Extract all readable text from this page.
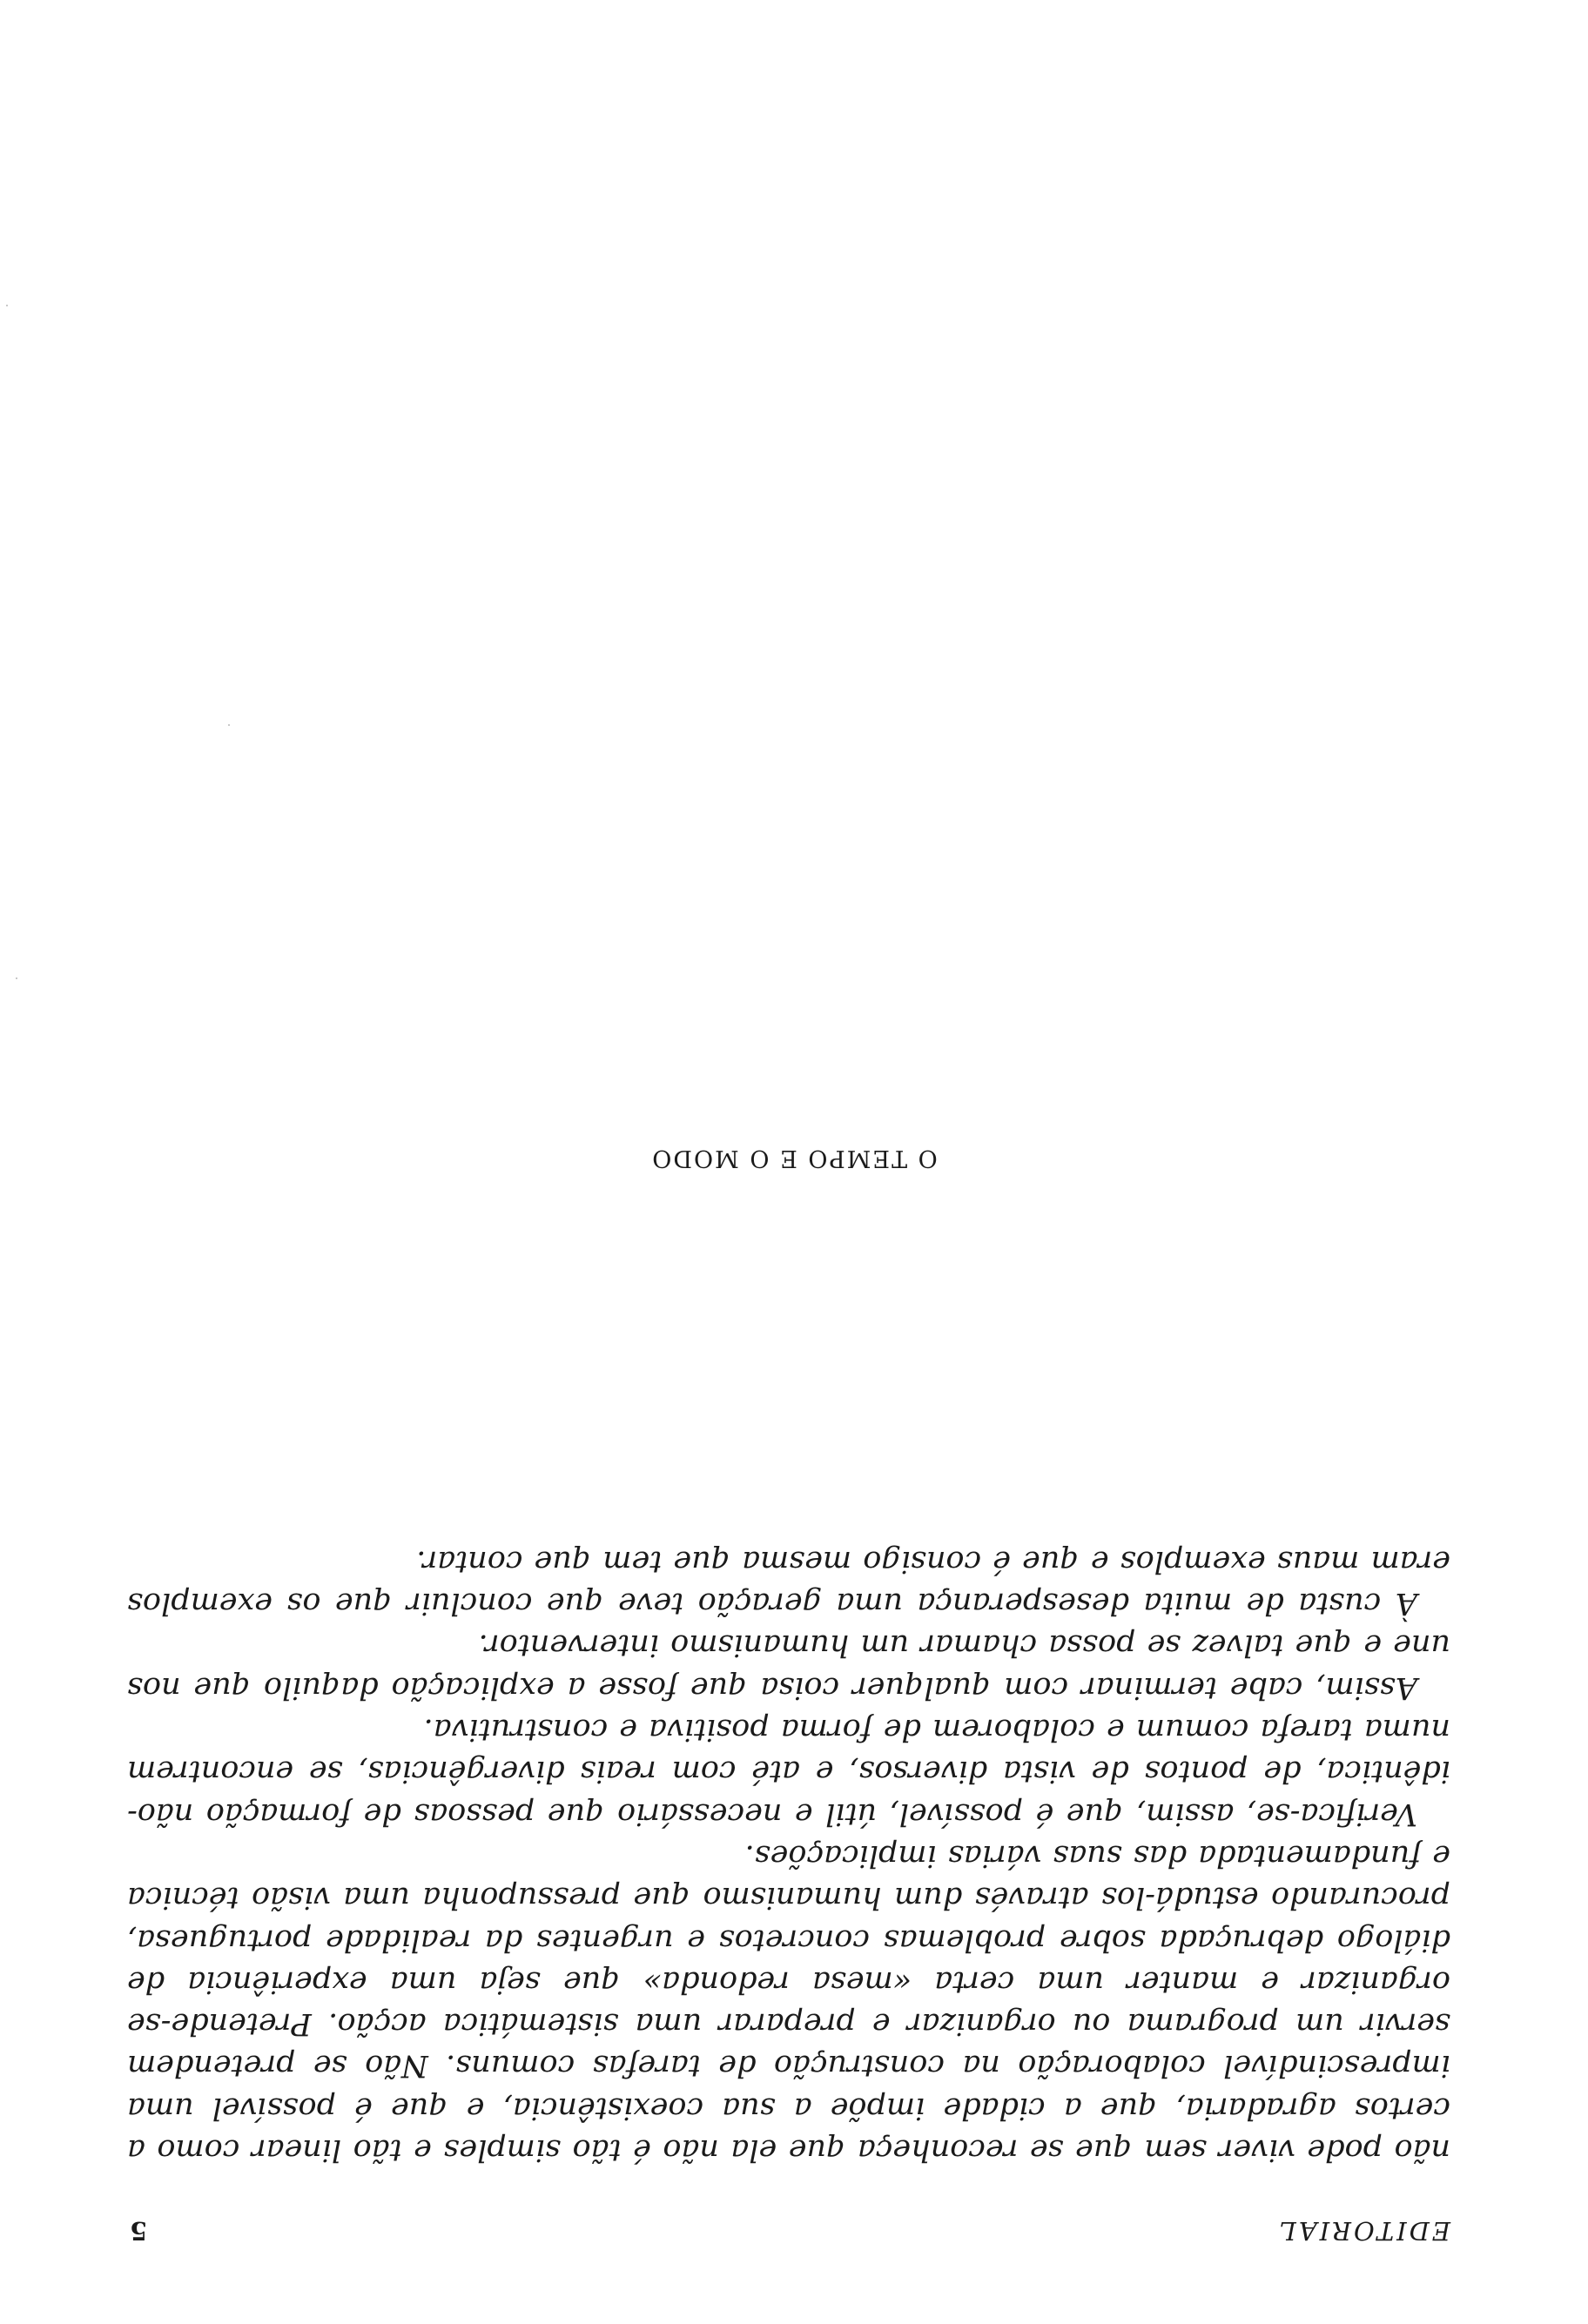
EDITORIAL
5

não pode viver sem que se reconheça que ela não é tão simples e tão linear como a certos agradaria, que a cidade impõe a sua coexistência, e que é possível uma imprescindível colaboração na construção de tarefas comuns. Não se pretendem servir um programa ou organizar e preparar uma sistemática acção. Pretende-se organizar e manter uma certa «mesa redonda» que seja uma experiência de diálogo debruçada sobre problemas concretos e urgentes da realidade portuguesa, procurando estudá-los através dum humanismo que pressuponha uma visão técnica e fundamentada das suas várias implicações.

Verifica-se, assim, que é possível, útil e necessário que pessoas de formação não-idêntica, de pontos de vista diversos, e até com reais divergências, se encontrem numa tarefa comum e colaborem de forma positiva e construtiva.

Assim, cabe terminar com qualquer coisa que fosse a explicação daquilo que nos une e que talvez se possa chamar um humanismo interventor.

À custa de muita desesperança uma geração teve que concluir que os exemplos eram maus exemplos e que é consigo mesma que tem que contar.

O TEMPO E O MODO
